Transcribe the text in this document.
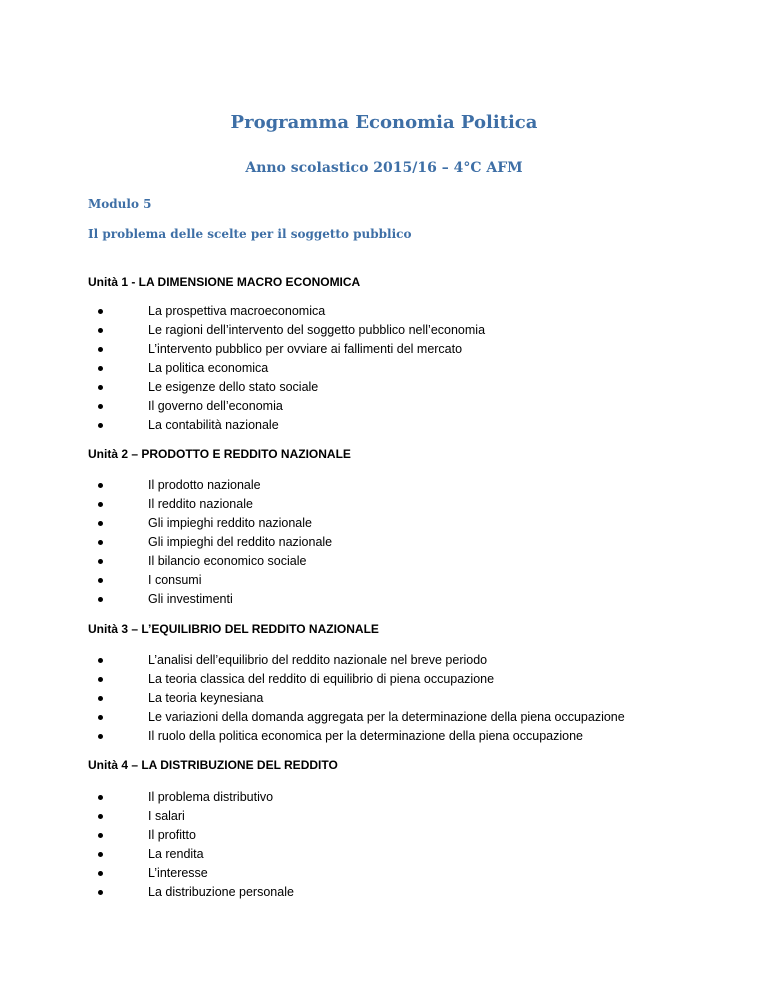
Programma Economia Politica
Anno scolastico 2015/16 – 4°C AFM
Modulo 5
Il problema delle scelte per il soggetto pubblico
Unità 1 - LA DIMENSIONE MACRO ECONOMICA
La prospettiva macroeconomica
Le ragioni dell’intervento del soggetto pubblico nell’economia
L’intervento pubblico per ovviare ai fallimenti del mercato
La politica economica
Le esigenze dello stato sociale
Il governo dell’economia
La contabilità nazionale
Unità 2 – PRODOTTO E REDDITO NAZIONALE
Il prodotto nazionale
Il reddito nazionale
Gli impieghi reddito nazionale
Gli impieghi del reddito nazionale
Il bilancio economico sociale
I consumi
Gli investimenti
Unità 3 – L’EQUILIBRIO DEL REDDITO NAZIONALE
L’analisi dell’equilibrio del reddito nazionale nel breve periodo
La teoria classica del reddito di equilibrio di piena occupazione
La teoria keynesiana
Le variazioni della domanda aggregata per la determinazione della piena occupazione
Il ruolo della politica economica per la determinazione della piena occupazione
Unità 4 – LA DISTRIBUZIONE DEL REDDITO
Il problema distributivo
I salari
Il profitto
La rendita
L’interesse
La distribuzione personale
